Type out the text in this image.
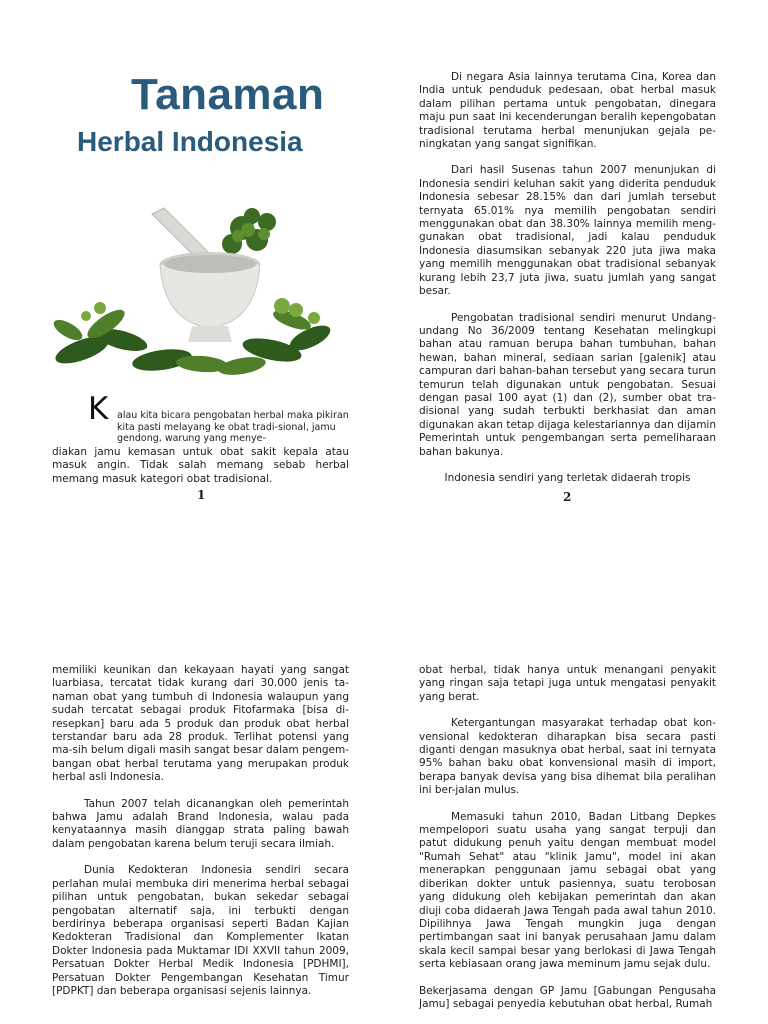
Tanaman
Herbal Indonesia
K alau kita bicara pengobatan herbal maka pikiran
kita pasti melayang ke obat tradi-sional, jamu
gendong, warung yang menye-

diakan jamu kemasan untuk obat sakit kepala atau masuk angin. Tidak salah memang sebab herbal memang masuk kategori obat tradisional.

1

Di negara Asia lainnya terutama Cina, Korea dan India untuk penduduk pedesaan, obat herbal masuk dalam pilihan pertama untuk pengobatan, dinegara maju pun saat ini kecenderungan beralih kepengobatan tradisional terutama herbal menunjukan gejala pe-ningkatan yang sangat signifikan.

Dari hasil Susenas tahun 2007 menunjukan di Indonesia sendiri keluhan sakit yang diderita penduduk Indonesia sebesar 28.15% dan dari jumlah tersebut ternyata 65.01% nya memilih pengobatan sendiri menggunakan obat dan 38.30% lainnya memilih meng-gunakan obat tradisional, jadi kalau penduduk Indonesia diasumsikan sebanyak 220 juta jiwa maka yang memilih menggunakan obat tradisional sebanyak kurang lebih 23,7 juta jiwa, suatu jumlah yang sangat besar.

Pengobatan tradisional sendiri menurut Undang-undang No 36/2009 tentang Kesehatan melingkupi bahan atau ramuan berupa bahan tumbuhan, bahan hewan, bahan mineral, sediaan sarian [galenik] atau campuran dari bahan-bahan tersebut yang secara turun temurun telah digunakan untuk pengobatan. Sesuai dengan pasal 100 ayat (1) dan (2), sumber obat tra-disional yang sudah terbukti berkhasiat dan aman digunakan akan tetap dijaga kelestariannya dan dijamin Pemerintah untuk pengembangan serta pemeliharaan bahan bakunya.

Indonesia sendiri yang terletak didaerah tropis

2

memiliki keunikan dan kekayaan hayati yang sangat luarbiasa, tercatat tidak kurang dari 30.000 jenis ta-naman obat yang tumbuh di Indonesia walaupun yang sudah tercatat sebagai produk Fitofarmaka [bisa di-resepkan] baru ada 5 produk dan produk obat herbal terstandar baru ada 28 produk. Terlihat potensi yang ma-sih belum digali masih sangat besar dalam pengem-bangan obat herbal terutama yang merupakan produk herbal asli Indonesia.

Tahun 2007 telah dicanangkan oleh pemerintah bahwa Jamu adalah Brand Indonesia, walau pada kenyataannya masih dianggap strata paling bawah dalam pengobatan karena belum teruji secara ilmiah.

Dunia Kedokteran Indonesia sendiri secara perlahan mulai membuka diri menerima herbal sebagai pilihan untuk pengobatan, bukan sekedar sebagai pengobatan alternatif saja, ini terbukti dengan berdirinya beberapa organisasi seperti Badan Kajian Kedokteran Tradisional dan Komplementer Ikatan Dokter Indonesia pada Muktamar IDI XXVII tahun 2009, Persatuan Dokter Herbal Medik Indonesia [PDHMI], Persatuan Dokter Pengembangan Kesehatan Timur [PDPKT] dan beberapa organisasi sejenis lainnya.

obat herbal, tidak hanya untuk menangani penyakit yang ringan saja tetapi juga untuk mengatasi penyakit yang berat.

Ketergantungan masyarakat terhadap obat kon-vensional kedokteran diharapkan bisa secara pasti diganti dengan masuknya obat herbal, saat ini ternyata 95% bahan baku obat konvensional masih di import, berapa banyak devisa yang bisa dihemat bila peralihan ini ber-jalan mulus.

Memasuki tahun 2010, Badan Litbang Depkes mempelopori suatu usaha yang sangat terpuji dan patut didukung penuh yaitu dengan membuat model "Rumah Sehat" atau "klinik Jamu", model ini akan menerapkan penggunaan jamu sebagai obat yang diberikan dokter untuk pasiennya, suatu terobosan yang didukung oleh kebijakan pemerintah dan akan diuji coba didaerah Jawa Tengah pada awal tahun 2010. Dipilihnya Jawa Tengah mungkin juga dengan pertimbangan saat ini banyak perusahaan Jamu dalam skala kecil sampai besar yang berlokasi di Jawa Tengah serta kebiasaan orang jawa meminum jamu sejak dulu.

Bekerjasama dengan GP Jamu [Gabungan Pengusaha Jamu] sebagai penyedia kebutuhan obat herbal, Rumah
